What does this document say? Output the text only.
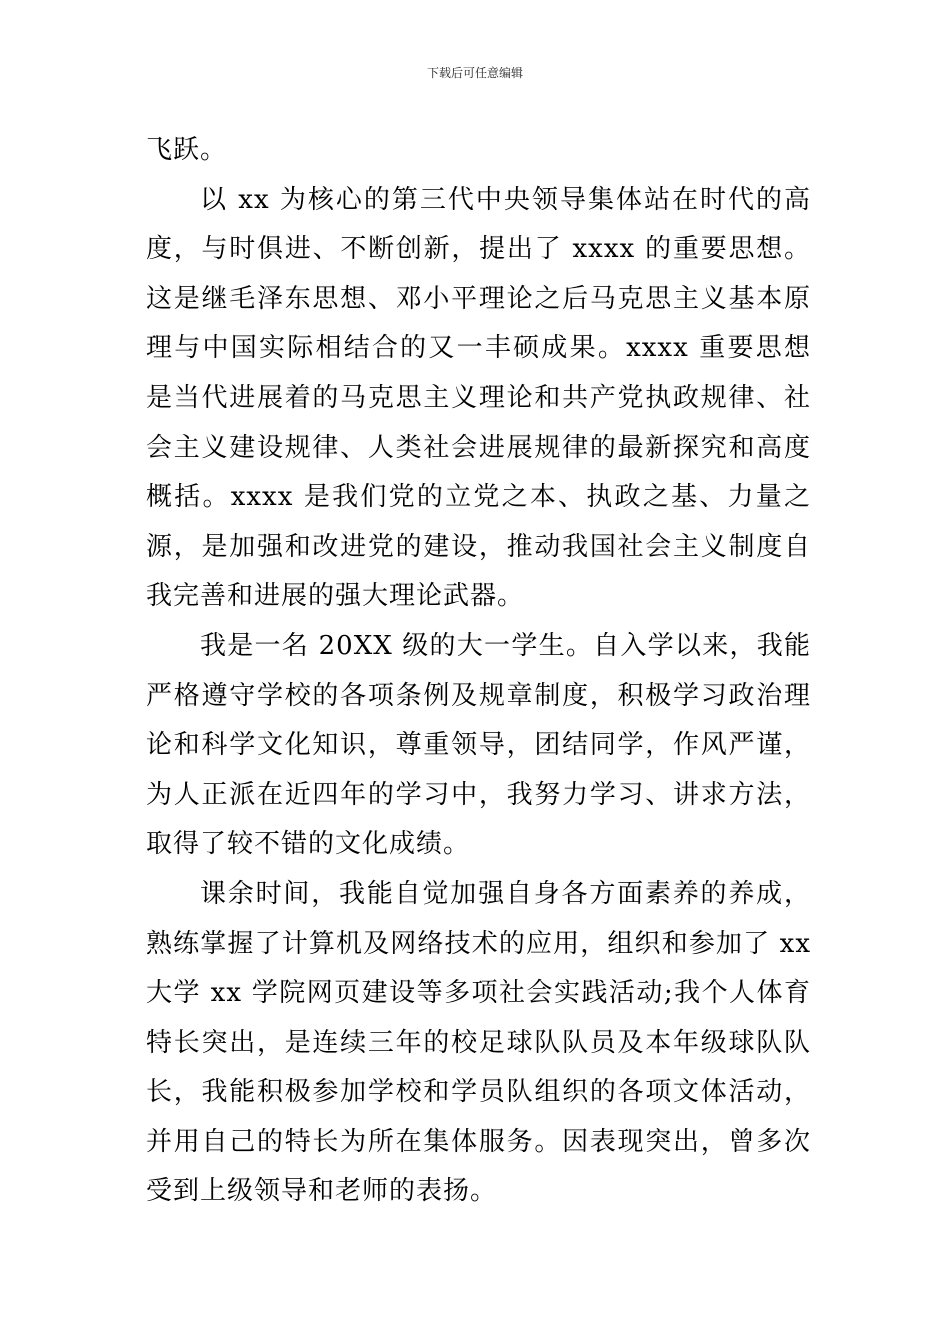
下载后可任意编辑

飞跃。

以 xx 为核心的第三代中央领导集体站在时代的高度，与时俱进、不断创新，提出了 xxxx 的重要思想。这是继毛泽东思想、邓小平理论之后马克思主义基本原理与中国实际相结合的又一丰硕成果。xxxx 重要思想是当代进展着的马克思主义理论和共产党执政规律、社会主义建设规律、人类社会进展规律的最新探究和高度概括。xxxx 是我们党的立党之本、执政之基、力量之源，是加强和改进党的建设，推动我国社会主义制度自我完善和进展的强大理论武器。

我是一名 20XX 级的大一学生。自入学以来，我能严格遵守学校的各项条例及规章制度，积极学习政治理论和科学文化知识，尊重领导，团结同学，作风严谨，为人正派在近四年的学习中，我努力学习、讲求方法，取得了较不错的文化成绩。

课余时间，我能自觉加强自身各方面素养的养成，熟练掌握了计算机及网络技术的应用，组织和参加了 xx 大学 xx 学院网页建设等多项社会实践活动;我个人体育特长突出，是连续三年的校足球队队员及本年级球队队长，我能积极参加学校和学员队组织的各项文体活动，并用自己的特长为所在集体服务。因表现突出，曾多次受到上级领导和老师的表扬。
